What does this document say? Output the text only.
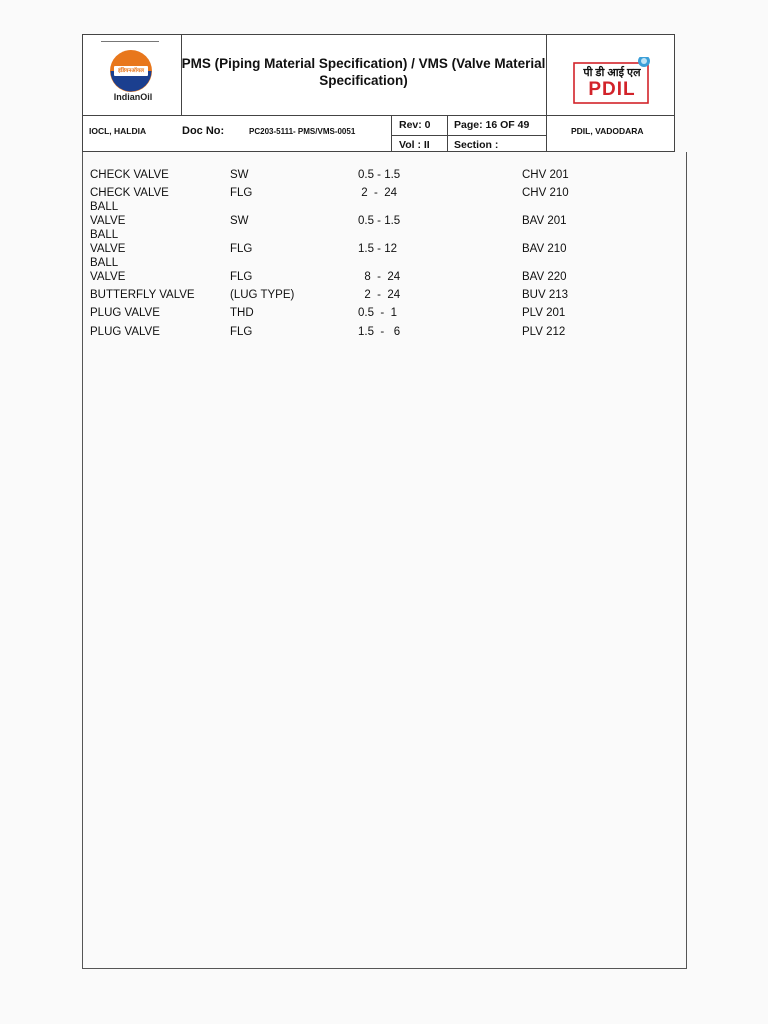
इंडियनऑयल
IndianOil
PMS (Piping Material Specification) / VMS (Valve Material Specification)	पी डी आई एल
PDIL
IOCL, HALDIA	Doc No:	PC203-5111- PMS/VMS-0051
Rev: 0 Page: 16 OF 49
Vol : II Section :
PDIL, VADODARA
CHECK VALVE	SW	0.5 - 1.5	CHV 201
CHECK VALVE	FLG	2  -  24	CHV 210
BALL
VALVE	SW	0.5 - 1.5	BAV 201
BALL
VALVE	FLG	1.5 - 12	BAV 210
BALL
VALVE	FLG	8  -  24	BAV 220
BUTTERFLY VALVE	(LUG TYPE)	2  -  24	BUV 213
PLUG VALVE	THD	0.5  -  1	PLV 201
PLUG VALVE	FLG	1.5  -   6	PLV 212
